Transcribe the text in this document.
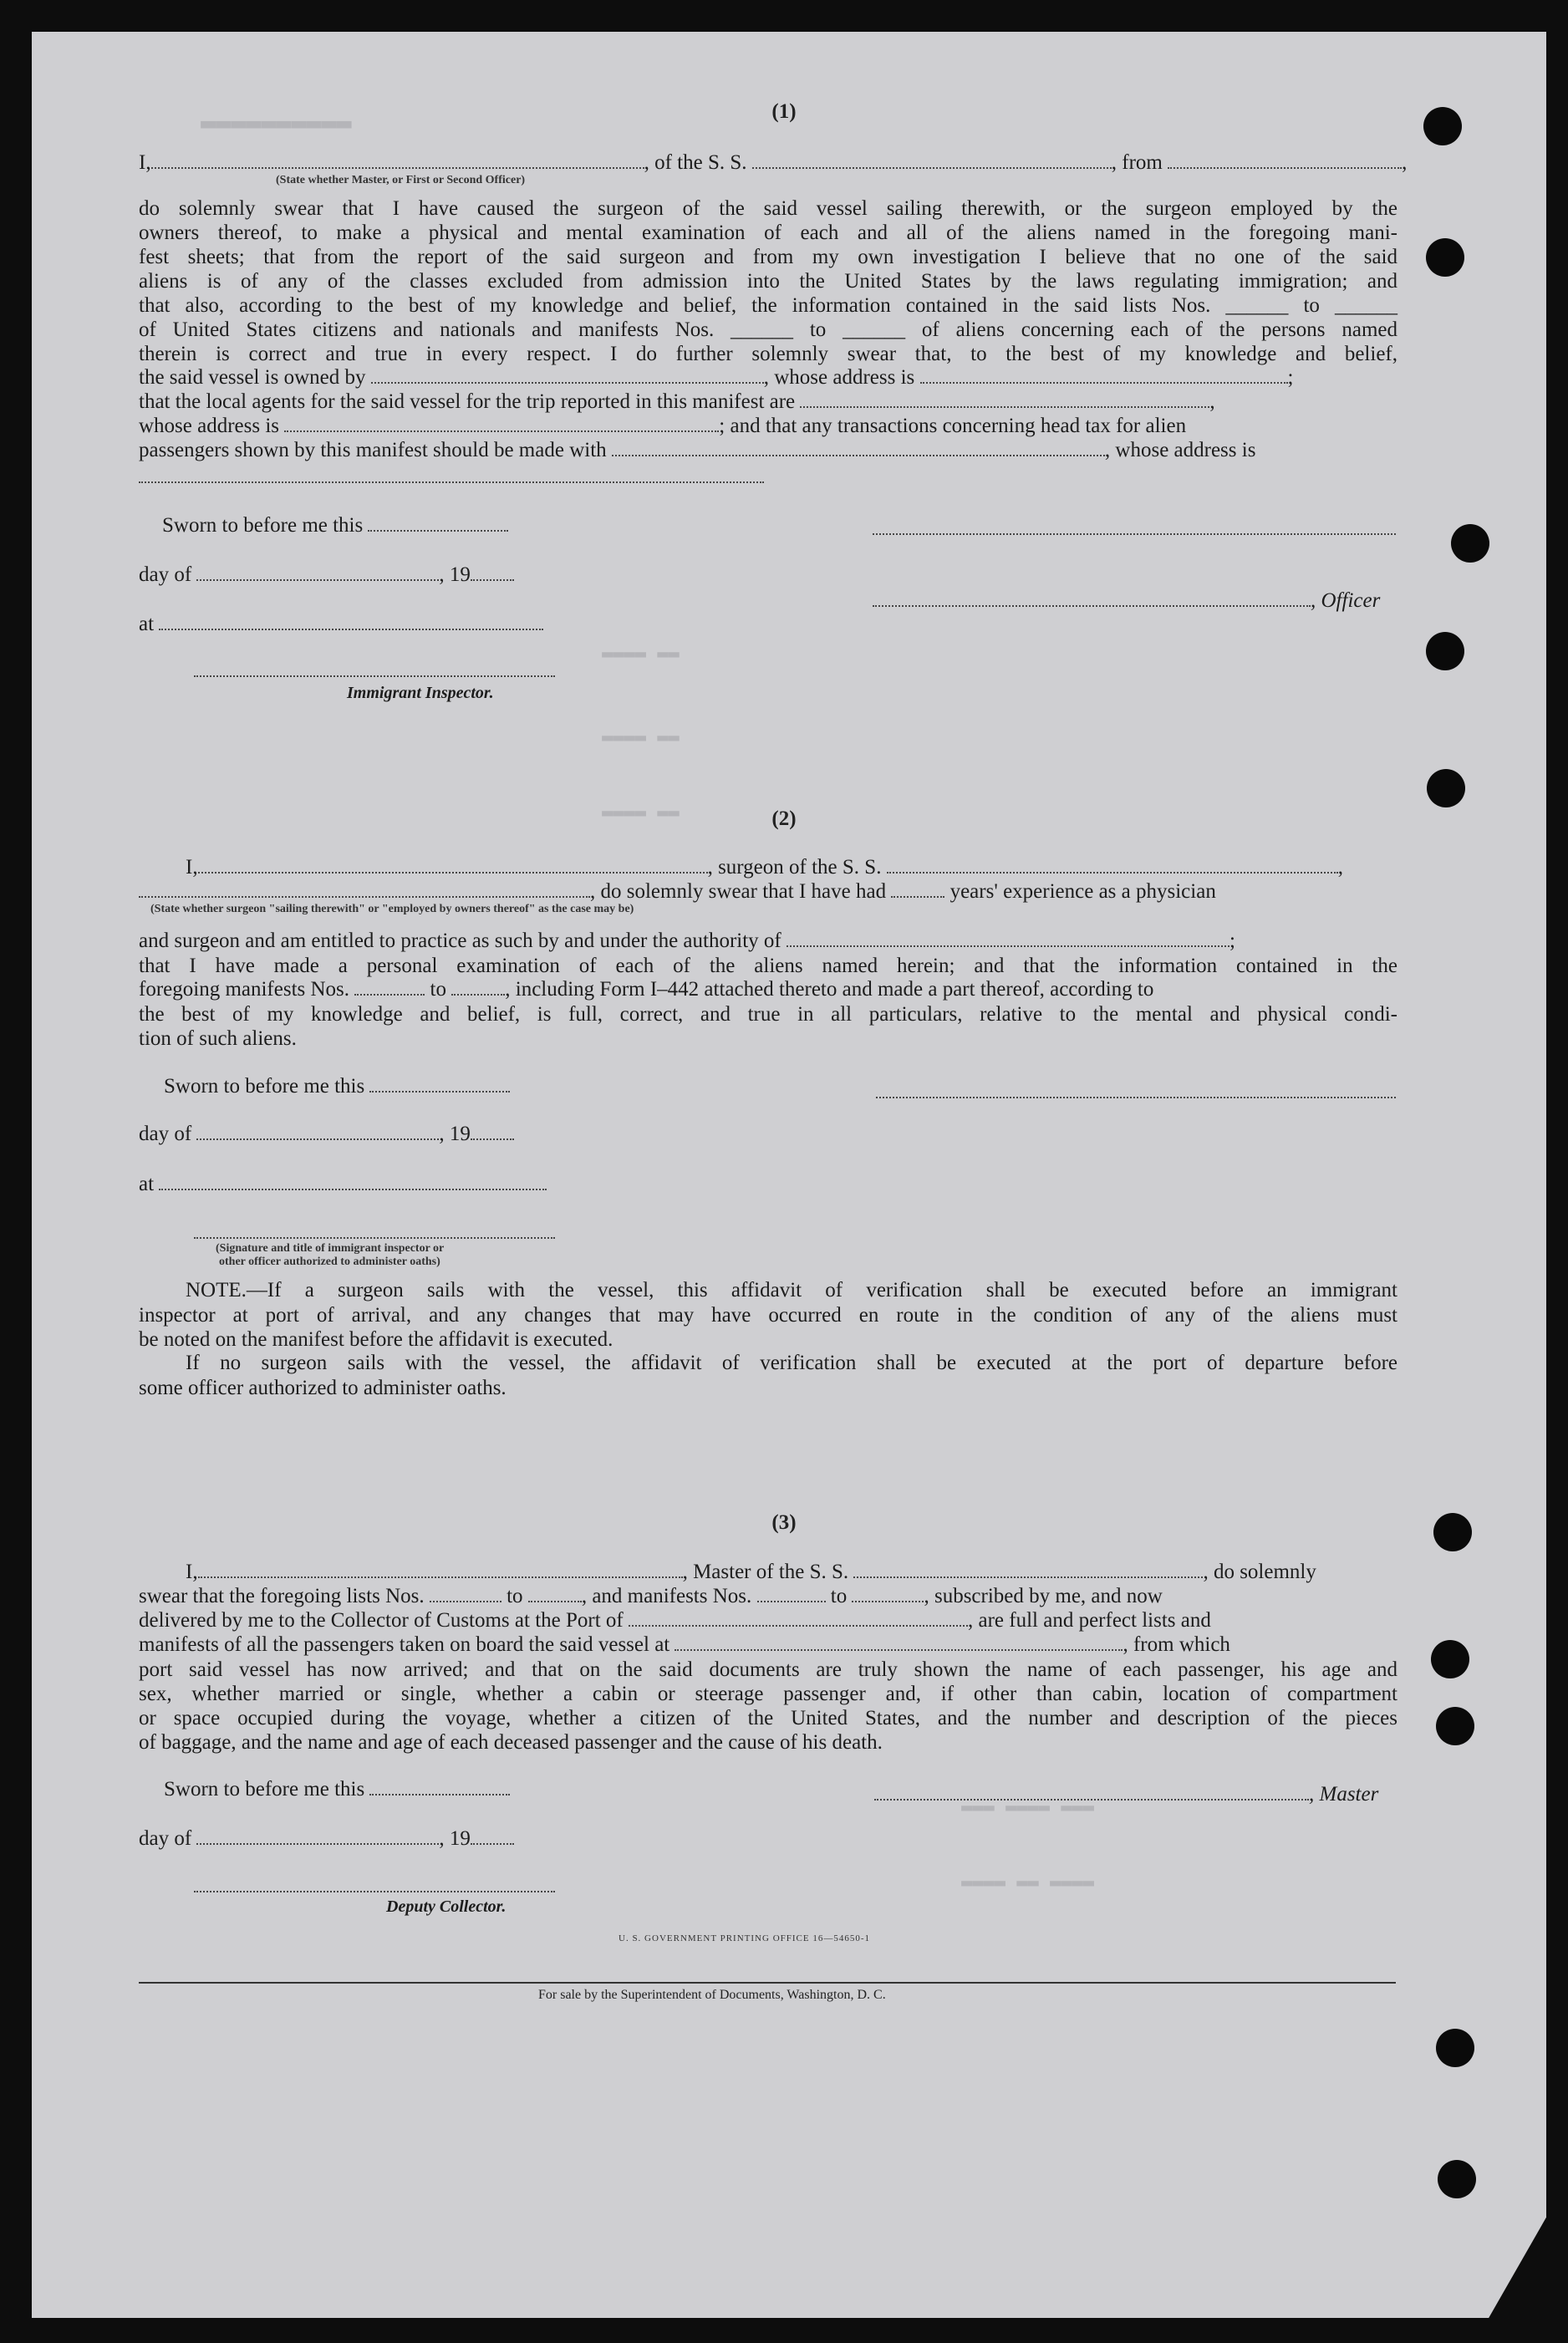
▬▬▬▬▬▬▬▬▬▬
▬▬ ▬▬▬▬
▬▬ ▬▬▬▬
▬▬ ▬▬▬▬
▬▬▬ ▬▬▬▬ ▬▬▬
▬▬▬▬ ▬▬ ▬▬▬▬
(1)
I,	, of the S. S.	, from	,
(State whether Master, or First or Second Officer)
do solemnly swear that I have caused the surgeon of the said vessel sailing therewith, or the surgeon employed by the
owners thereof, to make a physical and mental examination of each and all of the aliens named in the foregoing mani-
fest sheets; that from the report of the said surgeon and from my own investigation I believe that no one of the said
aliens is of any of the classes excluded from admission into the United States by the laws regulating immigration; and
that also, according to the best of my knowledge and belief, the information contained in the said lists Nos. ______ to ______
of United States citizens and nationals and manifests Nos. ______ to ______ of aliens concerning each of the persons named
therein is correct and true in every respect. I do further solemnly swear that, to the best of my knowledge and belief,
the said vessel is owned by	, whose address is	;
that the local agents for the said vessel for the trip reported in this manifest are	,
whose address is	; and that any transactions concerning head tax for alien
passengers shown by this manifest should be made with	, whose address is
Sworn to before me this
day of	, 19
, Officer
at
Immigrant Inspector.
(2)
I,	, surgeon of the S. S.	,
, do solemnly swear that I have had	years' experience as a physician
(State whether surgeon "sailing therewith" or "employed by owners thereof" as the case may be)
and surgeon and am entitled to practice as such by and under the authority of	;
that I have made a personal examination of each of the aliens named herein; and that the information contained in the
foregoing manifests Nos.	to	, including Form I–442 attached thereto and made a part thereof, according to
the best of my knowledge and belief, is full, correct, and true in all particulars, relative to the mental and physical condi-
tion of such aliens.
Sworn to before me this
day of	, 19
at
(Signature and title of immigrant inspector or
other officer authorized to administer oaths)
NOTE.—If a surgeon sails with the vessel, this affidavit of verification shall be executed before an immigrant
inspector at port of arrival, and any changes that may have occurred en route in the condition of any of the aliens must
be noted on the manifest before the affidavit is executed.
If no surgeon sails with the vessel, the affidavit of verification shall be executed at the port of departure before
some officer authorized to administer oaths.
(3)
I,	, Master of the S. S.	, do solemnly
swear that the foregoing lists Nos.	to	, and manifests Nos.	to	, subscribed by me, and now
delivered by me to the Collector of Customs at the Port of	, are full and perfect lists and
manifests of all the passengers taken on board the said vessel at	, from which
port said vessel has now arrived; and that on the said documents are truly shown the name of each passenger, his age and
sex, whether married or single, whether a cabin or steerage passenger and, if other than cabin, location of compartment
or space occupied during the voyage, whether a citizen of the United States, and the number and description of the pieces
of baggage, and the name and age of each deceased passenger and the cause of his death.
Sworn to before me this	, Master
day of	, 19
Deputy Collector.
U. S. GOVERNMENT PRINTING OFFICE 16—54650-1
For sale by the Superintendent of Documents, Washington, D. C.
